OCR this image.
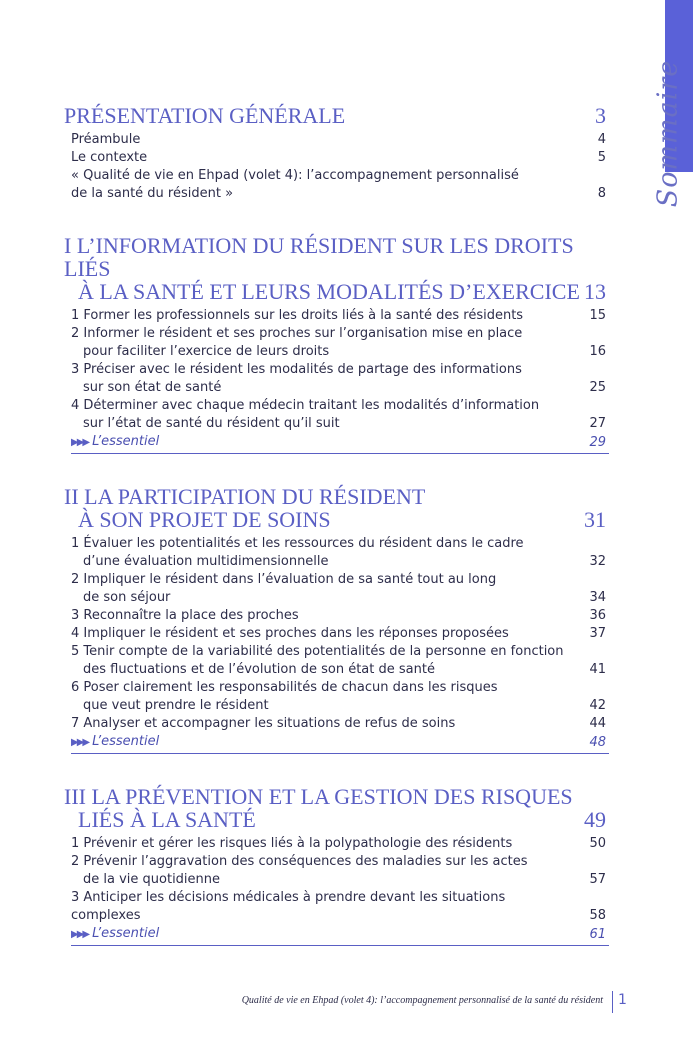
Sommaire
PRÉSENTATION GÉNÉRALE	3
Préambule	4
Le contexte	5
« Qualité de vie en Ehpad (volet 4): l’accompagnement personnalisé
de la santé du résident »	8
I L’INFORMATION DU RÉSIDENT SUR LES DROITS LIÉS
À LA SANTÉ ET LEURS MODALITÉS D’EXERCICE 13
1 Former les professionnels sur les droits liés à la santé des résidents	15
2 Informer le résident et ses proches sur l’organisation mise en place
pour faciliter l’exercice de leurs droits	16
3 Préciser avec le résident les modalités de partage des informations
sur son état de santé	25
4 Déterminer avec chaque médecin traitant les modalités d’information
sur l’état de santé du résident qu’il suit	27
▶▶▶ L’essentiel	29
II LA PARTICIPATION DU RÉSIDENT
À SON PROJET DE SOINS	31
1 Évaluer les potentialités et les ressources du résident dans le cadre
d’une évaluation multidimensionnelle	32
2 Impliquer le résident dans l’évaluation de sa santé tout au long
de son séjour	34
3 Reconnaître la place des proches	36
4 Impliquer le résident et ses proches dans les réponses proposées	37
5 Tenir compte de la variabilité des potentialités de la personne en fonction
des fluctuations et de l’évolution de son état de santé	41
6 Poser clairement les responsabilités de chacun dans les risques
que veut prendre le résident	42
7 Analyser et accompagner les situations de refus de soins	44
▶▶▶ L’essentiel	48
III LA PRÉVENTION ET LA GESTION DES RISQUES
LIÉS À LA SANTÉ	49
1 Prévenir et gérer les risques liés à la polypathologie des résidents	50
2 Prévenir l’aggravation des conséquences des maladies sur les actes
de la vie quotidienne	57
3 Anticiper les décisions médicales à prendre devant les situations complexes	58
▶▶▶ L’essentiel	61
Qualité de vie en Ehpad (volet 4): l’accompagnement personnalisé de la santé du résident 1
